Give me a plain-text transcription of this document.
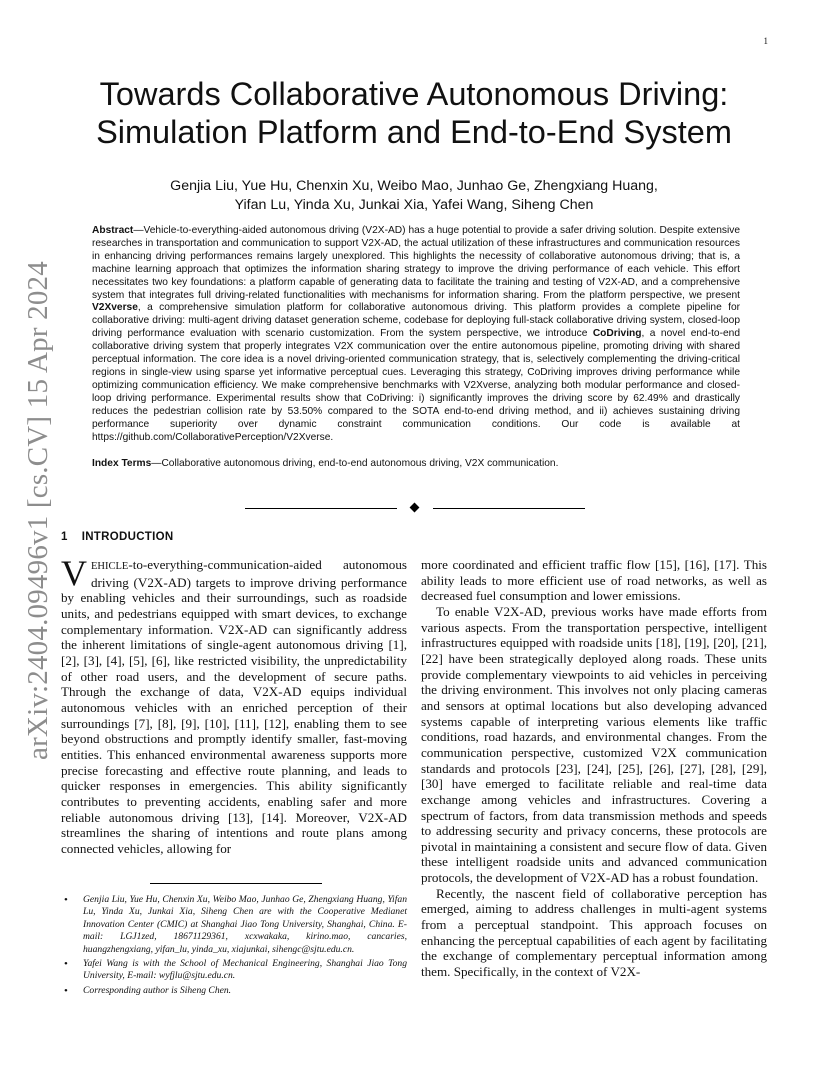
1
arXiv:2404.09496v1 [cs.CV] 15 Apr 2024
Towards Collaborative Autonomous Driving:
Simulation Platform and End-to-End System
Genjia Liu, Yue Hu, Chenxin Xu, Weibo Mao, Junhao Ge, Zhengxiang Huang,
Yifan Lu, Yinda Xu, Junkai Xia, Yafei Wang, Siheng Chen
Abstract—Vehicle-to-everything-aided autonomous driving (V2X-AD) has a huge potential to provide a safer driving solution. Despite extensive researches in transportation and communication to support V2X-AD, the actual utilization of these infrastructures and communication resources in enhancing driving performances remains largely unexplored. This highlights the necessity of collaborative autonomous driving; that is, a machine learning approach that optimizes the information sharing strategy to improve the driving performance of each vehicle. This effort necessitates two key foundations: a platform capable of generating data to facilitate the training and testing of V2X-AD, and a comprehensive system that integrates full driving-related functionalities with mechanisms for information sharing. From the platform perspective, we present V2Xverse, a comprehensive simulation platform for collaborative autonomous driving. This platform provides a complete pipeline for collaborative driving: multi-agent driving dataset generation scheme, codebase for deploying full-stack collaborative driving system, closed-loop driving performance evaluation with scenario customization. From the system perspective, we introduce CoDriving, a novel end-to-end collaborative driving system that properly integrates V2X communication over the entire autonomous pipeline, promoting driving with shared perceptual information. The core idea is a novel driving-oriented communication strategy, that is, selectively complementing the driving-critical regions in single-view using sparse yet informative perceptual cues. Leveraging this strategy, CoDriving improves driving performance while optimizing communication efficiency. We make comprehensive benchmarks with V2Xverse, analyzing both modular performance and closed-loop driving performance. Experimental results show that CoDriving: i) significantly improves the driving score by 62.49% and drastically reduces the pedestrian collision rate by 53.50% compared to the SOTA end-to-end driving method, and ii) achieves sustaining driving performance superiority over dynamic constraint communication conditions. Our code is available at https://github.com/CollaborativePerception/V2Xverse.
Index Terms—Collaborative autonomous driving, end-to-end autonomous driving, V2X communication.
1 INTRODUCTION

VEHICLE-to-everything-communication-aided autonomous driving (V2X-AD) targets to improve driving performance by enabling vehicles and their surroundings, such as roadside units, and pedestrians equipped with smart devices, to exchange complementary information. V2X-AD can significantly address the inherent limitations of single-agent autonomous driving [1], [2], [3], [4], [5], [6], like restricted visibility, the unpredictability of other road users, and the development of secure paths. Through the exchange of data, V2X-AD equips individual autonomous vehicles with an enriched perception of their surroundings [7], [8], [9], [10], [11], [12], enabling them to see beyond obstructions and promptly identify smaller, fast-moving entities. This enhanced environmental awareness supports more precise forecasting and effective route planning, and leads to quicker responses in emergencies. This ability significantly contributes to preventing accidents, enabling safer and more reliable autonomous driving [13], [14]. Moreover, V2X-AD streamlines the sharing of intentions and route plans among connected vehicles, allowing for

more coordinated and efficient traffic flow [15], [16], [17]. This ability leads to more efficient use of road networks, as well as decreased fuel consumption and lower emissions.

To enable V2X-AD, previous works have made efforts from various aspects. From the transportation perspective, intelligent infrastructures equipped with roadside units [18], [19], [20], [21], [22] have been strategically deployed along roads. These units provide complementary viewpoints to aid vehicles in perceiving the driving environment. This involves not only placing cameras and sensors at optimal locations but also developing advanced systems capable of interpreting various elements like traffic conditions, road hazards, and environmental changes. From the communication perspective, customized V2X communication standards and protocols [23], [24], [25], [26], [27], [28], [29], [30] have emerged to facilitate reliable and real-time data exchange among vehicles and infrastructures. Covering a spectrum of factors, from data transmission methods and speeds to addressing security and privacy concerns, these protocols are pivotal in maintaining a consistent and secure flow of data. Given these intelligent roadside units and advanced communication protocols, the development of V2X-AD has a robust foundation.

Recently, the nascent field of collaborative perception has emerged, aiming to address challenges in multi-agent systems from a perceptual standpoint. This approach focuses on enhancing the perceptual capabilities of each agent by facilitating the exchange of complementary perceptual information among them. Specifically, in the context of V2X-

• Genjia Liu, Yue Hu, Chenxin Xu, Weibo Mao, Junhao Ge, Zhengxiang Huang, Yifan Lu, Yinda Xu, Junkai Xia, Siheng Chen are with the Cooperative Medianet Innovation Center (CMIC) at Shanghai Jiao Tong University, Shanghai, China. E-mail: LGJ1zed, 18671129361, xcxwakaka, kirino.mao, cancaries, huangzhengxiang, yifan_lu, yinda_xu, xiajunkai, sihengc@sjtu.edu.cn.
• Yafei Wang is with the School of Mechanical Engineering, Shanghai Jiao Tong University, E-mail: wyfjlu@sjtu.edu.cn.
• Corresponding author is Siheng Chen.
